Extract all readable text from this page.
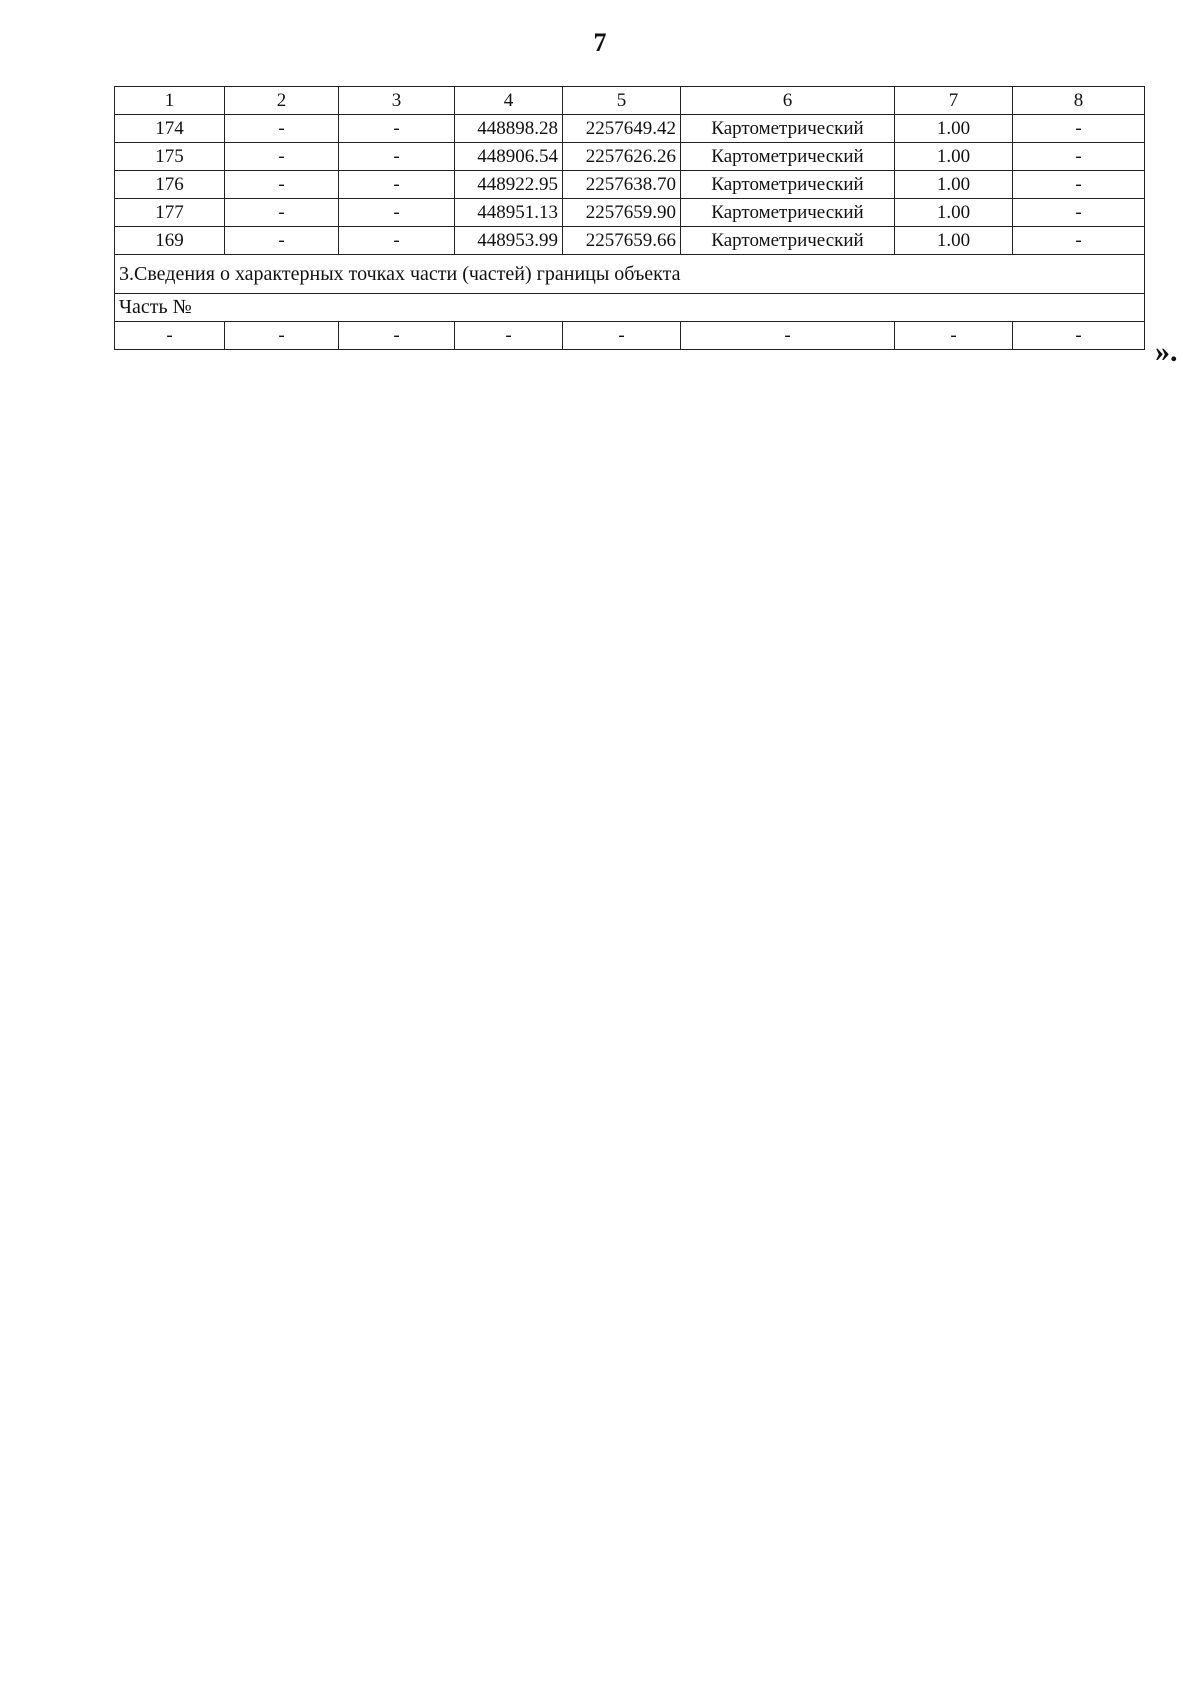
7
1	2	3	4	5	6	7	8
174	-	-	448898.28	2257649.42	Картометрический	1.00	-
175	-	-	448906.54	2257626.26	Картометрический	1.00	-
176	-	-	448922.95	2257638.70	Картометрический	1.00	-
177	-	-	448951.13	2257659.90	Картометрический	1.00	-
169	-	-	448953.99	2257659.66	Картометрический	1.00	-
3.Сведения о характерных точках части (частей) границы объекта							
Часть №							
-	-	-	-	-	-	-	- ».
